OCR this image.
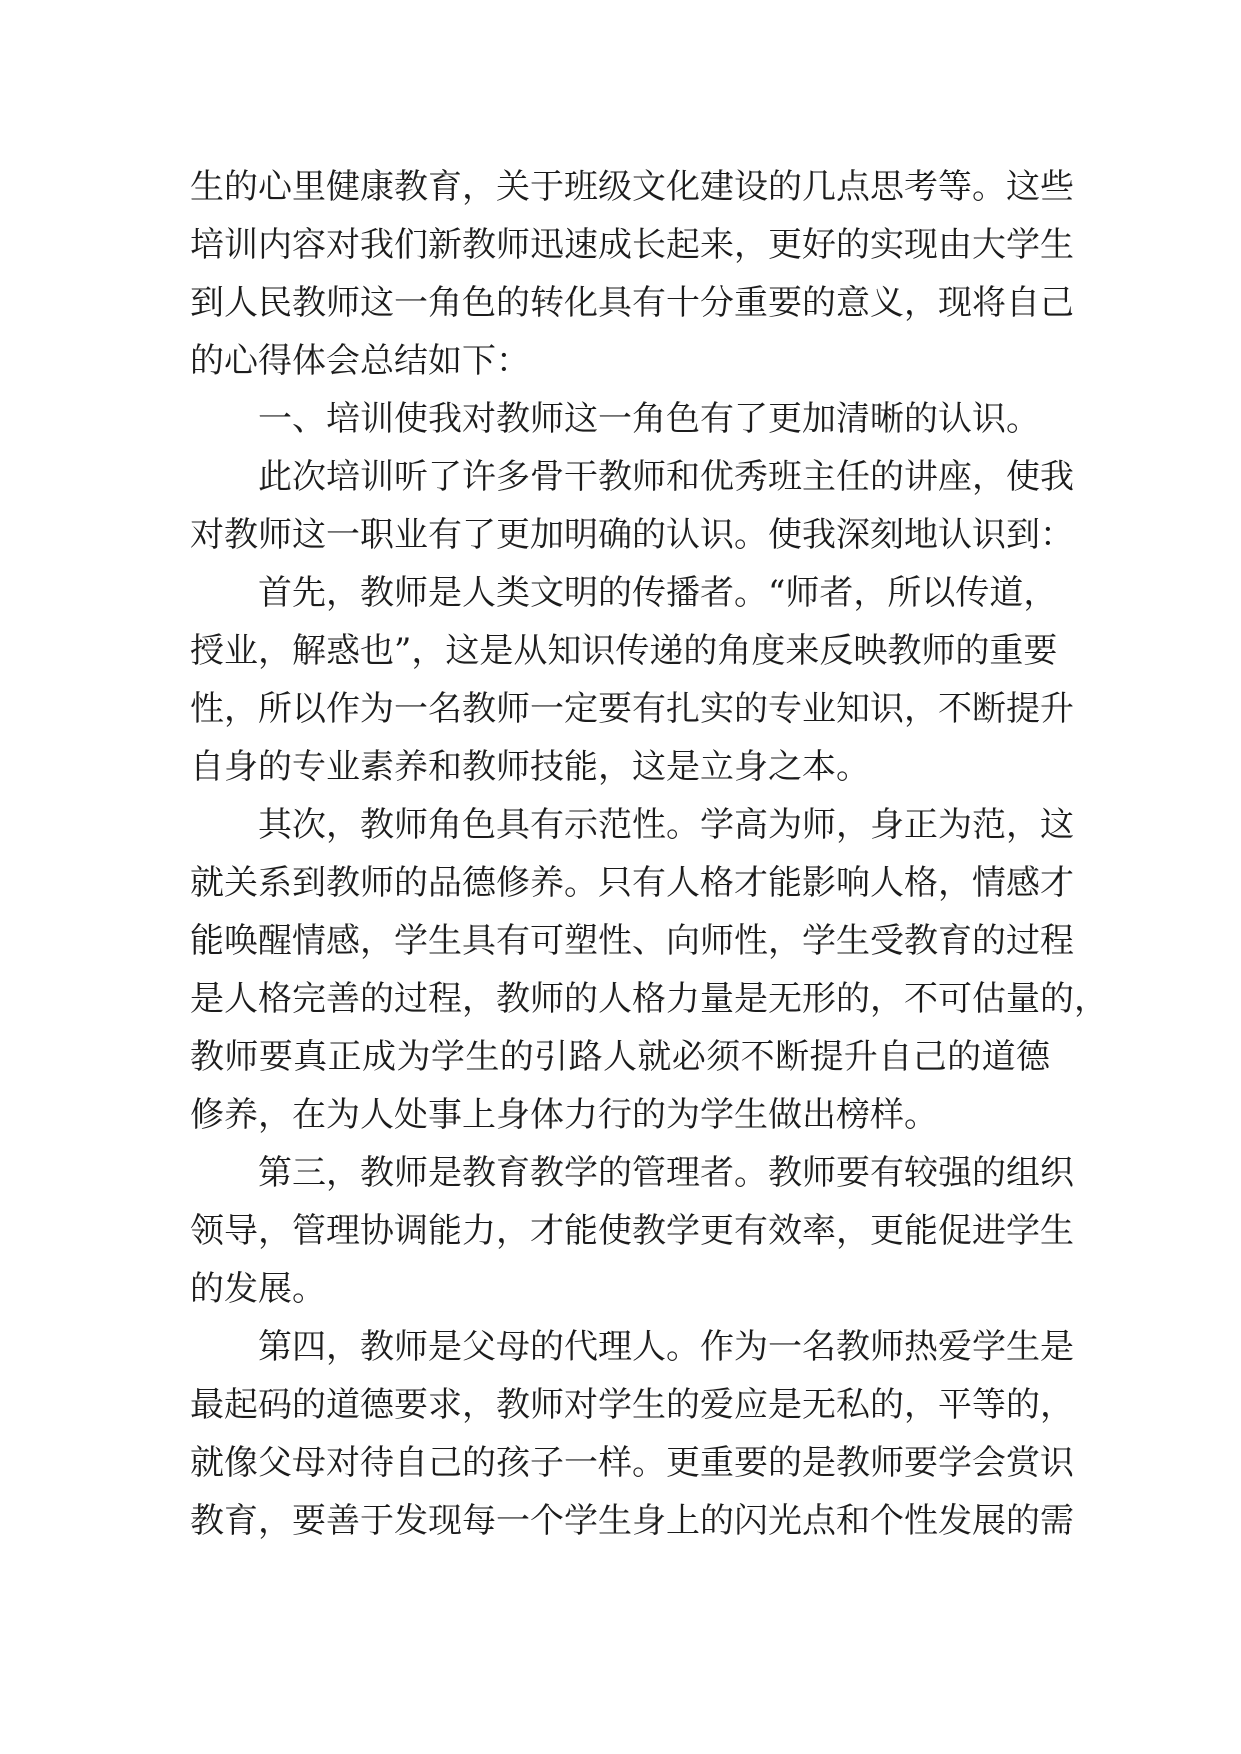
生的心里健康教育，关于班级文化建设的几点思考等。这些
培训内容对我们新教师迅速成长起来，更好的实现由大学生
到人民教师这一角色的转化具有十分重要的意义，现将自己
的心得体会总结如下：
一、培训使我对教师这一角色有了更加清晰的认识。
此次培训听了许多骨干教师和优秀班主任的讲座，使我
对教师这一职业有了更加明确的认识。使我深刻地认识到：
首先，教师是人类文明的传播者。“师者，所以传道，
授业，解惑也”，这是从知识传递的角度来反映教师的重要
性，所以作为一名教师一定要有扎实的专业知识，不断提升
自身的专业素养和教师技能，这是立身之本。
其次，教师角色具有示范性。学高为师，身正为范，这
就关系到教师的品德修养。只有人格才能影响人格，情感才
能唤醒情感，学生具有可塑性、向师性，学生受教育的过程
是人格完善的过程，教师的人格力量是无形的，不可估量的，
教师要真正成为学生的引路人就必须不断提升自己的道德
修养，在为人处事上身体力行的为学生做出榜样。
第三，教师是教育教学的管理者。教师要有较强的组织
领导，管理协调能力，才能使教学更有效率，更能促进学生
的发展。
第四，教师是父母的代理人。作为一名教师热爱学生是
最起码的道德要求，教师对学生的爱应是无私的，平等的，
就像父母对待自己的孩子一样。更重要的是教师要学会赏识
教育，要善于发现每一个学生身上的闪光点和个性发展的需
